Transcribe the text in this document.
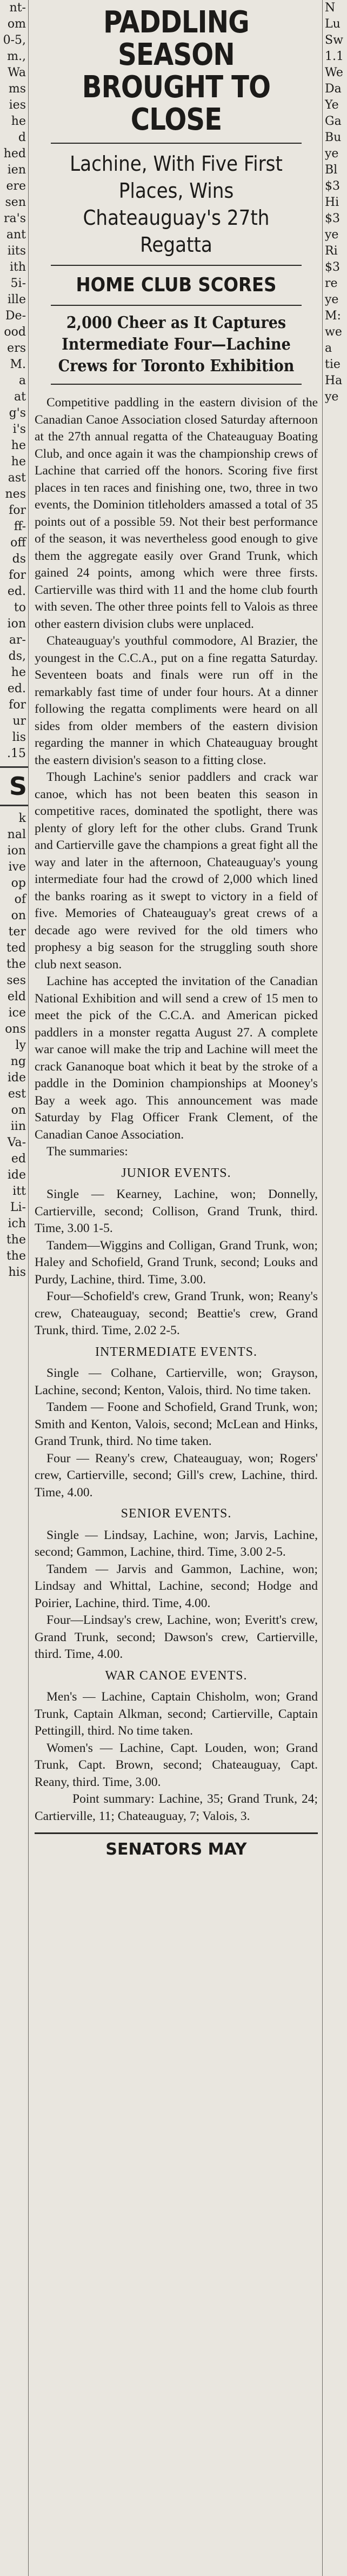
nt-
om
0-5,
m.,
Wa
ms
ies
he
d
hed
ien
ere
sen
ra's
ant
iits
ith
5i-
ille
De-
ood
ers
M.
a
at
g's
i's
he
he
ast
nes
for
ff-
off
ds
for
ed.
to
ion
ar-
ds,
he
ed.
for
ur
lis
.15
S
k
nal
ion
ive
op
of
on
ter
ted
the
ses
eld
ice
ons
ly
ng
ide
est
on
iin
Va-
ed
ide
itt
Li-
ich
the
the
his
PADDLING SEASON
BROUGHT TO CLOSE
Lachine, With Five First Places, Wins Chateauguay's 27th Regatta
HOME CLUB SCORES
2,000 Cheer as It Captures Intermediate Four—Lachine Crews for Toronto Exhibition

Competitive paddling in the eastern division of the Canadian Canoe Association closed Saturday afternoon at the 27th annual regatta of the Chateauguay Boating Club, and once again it was the championship crews of Lachine that carried off the honors. Scoring five first places in ten races and finishing one, two, three in two events, the Dominion titleholders amassed a total of 35 points out of a possible 59. Not their best performance of the season, it was nevertheless good enough to give them the aggregate easily over Grand Trunk, which gained 24 points, among which were three firsts. Cartierville was third with 11 and the home club fourth with seven. The other three points fell to Valois as three other eastern division clubs were unplaced.

Chateauguay's youthful commodore, Al Brazier, the youngest in the C.C.A., put on a fine regatta Saturday. Seventeen boats and finals were run off in the remarkably fast time of under four hours. At a dinner following the regatta compliments were heard on all sides from older members of the eastern division regarding the manner in which Chateauguay brought the eastern division's season to a fitting close.

Though Lachine's senior paddlers and crack war canoe, which has not been beaten this season in competitive races, dominated the spotlight, there was plenty of glory left for the other clubs. Grand Trunk and Cartierville gave the champions a great fight all the way and later in the afternoon, Chateauguay's young intermediate four had the crowd of 2,000 which lined the banks roaring as it swept to victory in a field of five. Memories of Chateauguay's great crews of a decade ago were revived for the old timers who prophesy a big season for the struggling south shore club next season.

Lachine has accepted the invitation of the Canadian National Exhibition and will send a crew of 15 men to meet the pick of the C.C.A. and American picked paddlers in a monster regatta August 27. A complete war canoe will make the trip and Lachine will meet the crack Gananoque boat which it beat by the stroke of a paddle in the Dominion championships at Mooney's Bay a week ago. This announcement was made Saturday by Flag Officer Frank Clement, of the Canadian Canoe Association.

The summaries:

JUNIOR EVENTS.

Single — Kearney, Lachine, won; Donnelly, Cartierville, second; Collison, Grand Trunk, third. Time, 3.00 1-5.

Tandem—Wiggins and Colligan, Grand Trunk, won; Haley and Schofield, Grand Trunk, second; Louks and Purdy, Lachine, third. Time, 3.00.

Four—Schofield's crew, Grand Trunk, won; Reany's crew, Chateauguay, second; Beattie's crew, Grand Trunk, third. Time, 2.02 2-5.

INTERMEDIATE EVENTS.

Single — Colhane, Cartierville, won; Grayson, Lachine, second; Kenton, Valois, third. No time taken.

Tandem — Foone and Schofield, Grand Trunk, won; Smith and Kenton, Valois, second; McLean and Hinks, Grand Trunk, third. No time taken.

Four — Reany's crew, Chateauguay, won; Rogers' crew, Cartierville, second; Gill's crew, Lachine, third. Time, 4.00.

SENIOR EVENTS.

Single — Lindsay, Lachine, won; Jarvis, Lachine, second; Gammon, Lachine, third. Time, 3.00 2-5.

Tandem — Jarvis and Gammon, Lachine, won; Lindsay and Whittal, Lachine, second; Hodge and Poirier, Lachine, third. Time, 4.00.

Four—Lindsay's crew, Lachine, won; Everitt's crew, Grand Trunk, second; Dawson's crew, Cartierville, third. Time, 4.00.

WAR CANOE EVENTS.

Men's — Lachine, Captain Chisholm, won; Grand Trunk, Captain Alkman, second; Cartierville, Captain Pettingill, third. No time taken.

Women's — Lachine, Capt. Louden, won; Grand Trunk, Capt. Brown, second; Chateauguay, Capt. Reany, third. Time, 3.00.

Point summary: Lachine, 35; Grand Trunk, 24; Cartierville, 11; Chateauguay, 7; Valois, 3.

SENATORS MAY
N
Lu
Sw
1.1
We
Da
Ye
Ga
Bu
ye
Bl
$3
Hi
$3
ye
Ri
$3
re
ye
M:
we
a
tie
Ha
ye
